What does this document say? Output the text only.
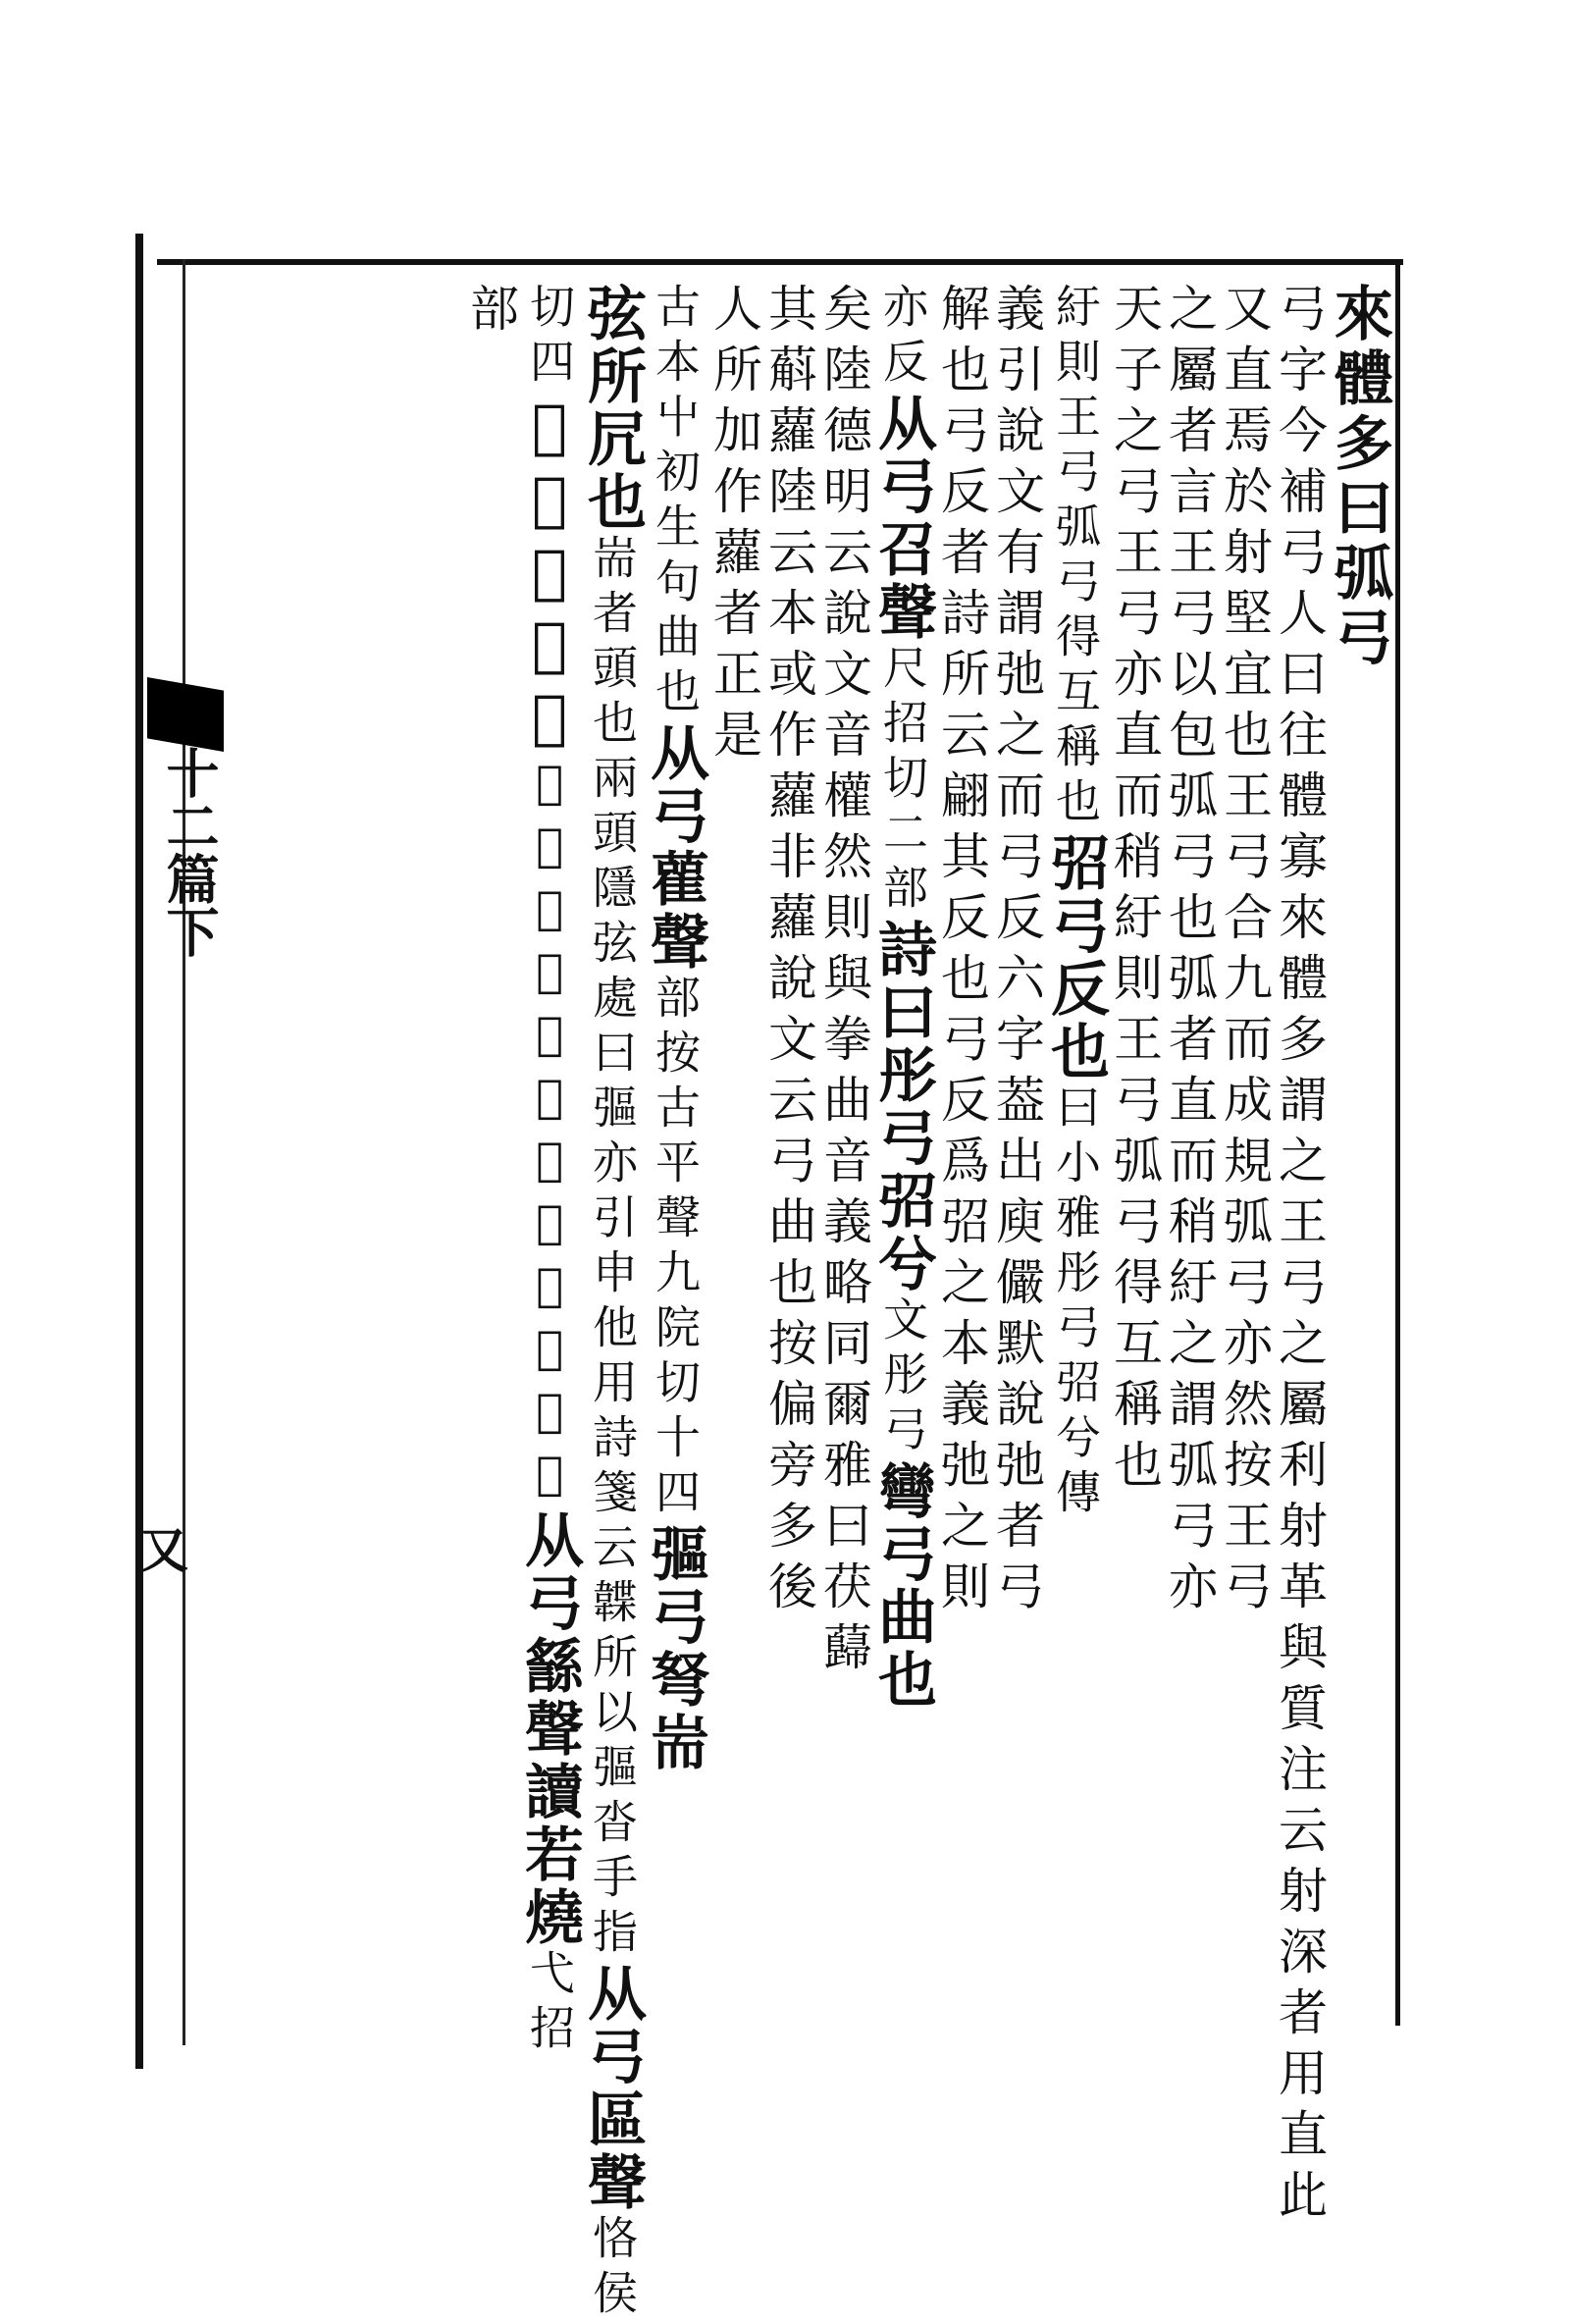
十二篇下
又
來體多曰弧弓
弓字今補弓人曰往體寡來體多謂之王弓之屬利射革與質注云射深者用直此
又直焉於射堅宜也王弓合九而成規弧弓亦然按王弓
之屬者言王弓以包弧弓也弧者直而稍紆之謂弧弓亦
天子之弓王弓亦直而稍紆則王弓弧弓得互稱也
紆則王弓弧弓得互稱也弨弓反也曰小雅彤弓弨兮傳
義引說文有謂弛之而弓反六字葢出庾儼默說弛者弓
解也弓反者詩所云翩其反也弓反爲弨之本義弛之則
亦反从弓召聲尺招切二部詩曰彤弓弨兮文彤弓彎弓曲也
矣陸德明云說文音權然則與拳曲音義略同爾雅曰茯蘬
其蔛蘿陸云本或作蘿非蘿說文云弓曲也按偏旁多後
人所加作蘿者正是
古本屮初生句曲也从弓雚聲部按古平聲九院切十四彄弓弩耑
弦所凥也耑者頭也兩頭隱弦處曰彄亦引申他用詩箋云韘所以彄沓手指从弓區聲恪侯
切四𢑚弓便利也𢑚之言由也所謂自由自便也从弓䌛聲讀若燒弋招
部
